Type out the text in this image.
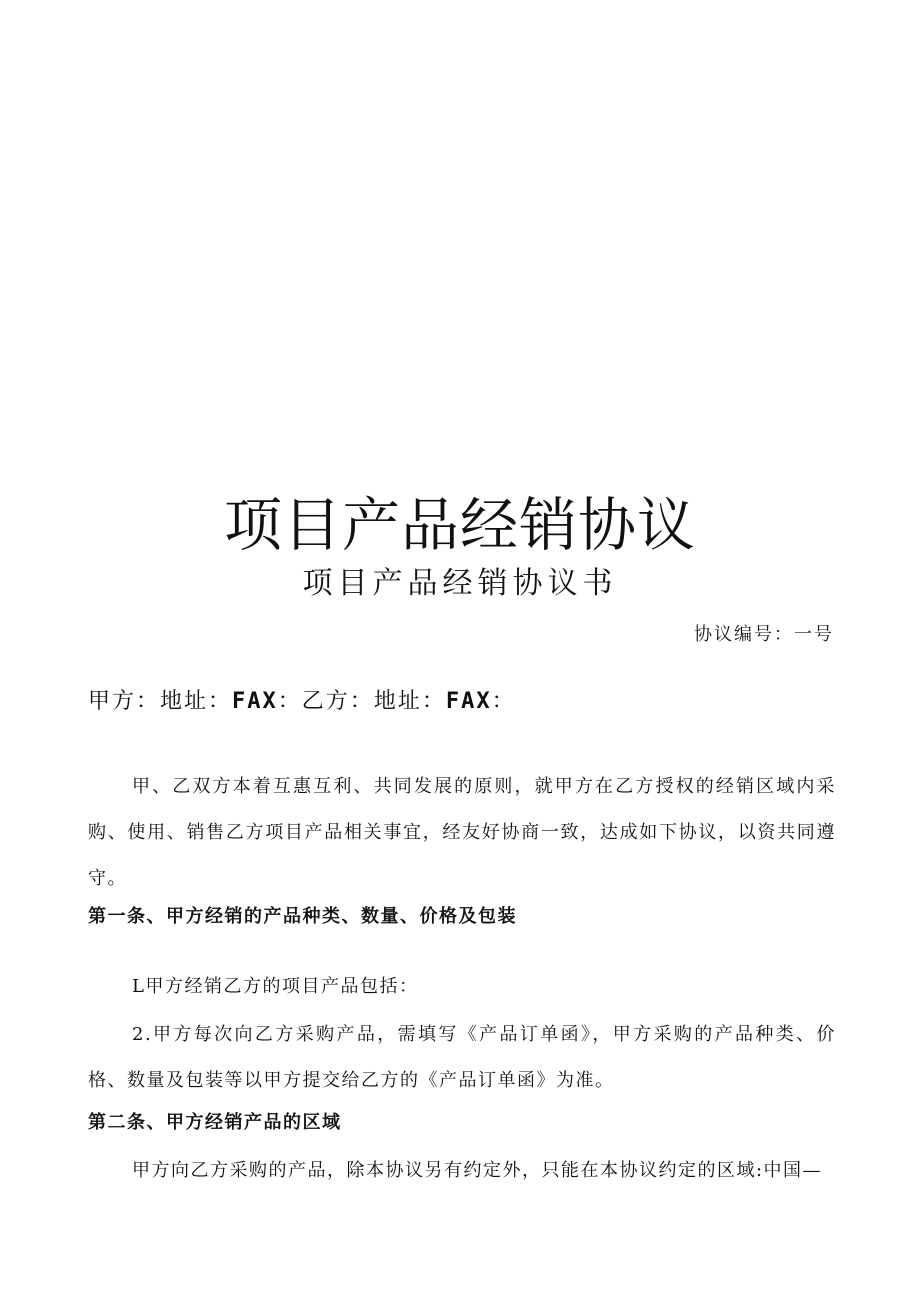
项目产品经销协议
项目产品经销协议书
协议编号：一号
甲方：地址：FAX：乙方：地址：FAX：

甲、乙双方本着互惠互利、共同发展的原则，就甲方在乙方授权的经销区域内采购、使用、销售乙方项目产品相关事宜，经友好协商一致，达成如下协议，以资共同遵守。

第一条、甲方经销的产品种类、数量、价格及包装

L甲方经销乙方的项目产品包括：

2.甲方每次向乙方采购产品，需填写《产品订单函》，甲方采购的产品种类、价格、数量及包装等以甲方提交给乙方的《产品订单函》为准。

第二条、甲方经销产品的区域

甲方向乙方采购的产品，除本协议另有约定外，只能在本协议约定的区域:中国—
